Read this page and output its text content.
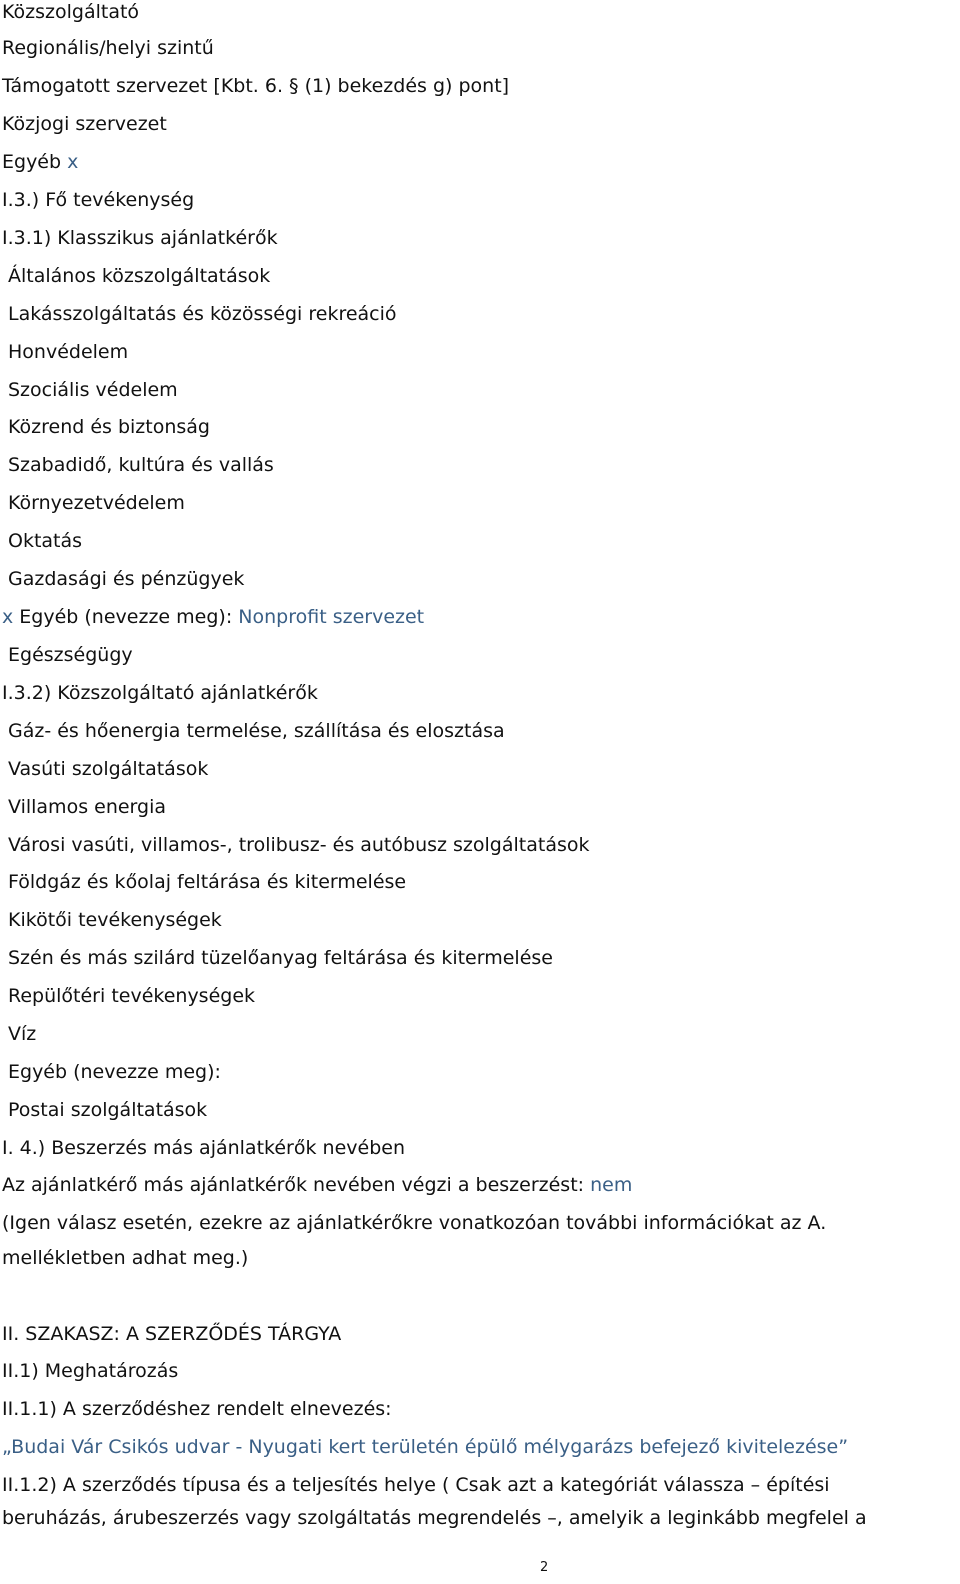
Közszolgáltató
Regionális/helyi szintű
Támogatott szervezet [Kbt. 6. § (1) bekezdés g) pont]
Közjogi szervezet
Egyéb x
I.3.) Fő tevékenység
I.3.1) Klasszikus ajánlatkérők
Általános közszolgáltatások
Lakásszolgáltatás és közösségi rekreáció
Honvédelem
Szociális védelem
Közrend és biztonság
Szabadidő, kultúra és vallás
Környezetvédelem
Oktatás
Gazdasági és pénzügyek
x Egyéb (nevezze meg): Nonprofit szervezet
Egészségügy
I.3.2) Közszolgáltató ajánlatkérők
Gáz- és hőenergia termelése, szállítása és elosztása
Vasúti szolgáltatások
Villamos energia
Városi vasúti, villamos-, trolibusz- és autóbusz szolgáltatások
Földgáz és kőolaj feltárása és kitermelése
Kikötői tevékenységek
Szén és más szilárd tüzelőanyag feltárása és kitermelése
Repülőtéri tevékenységek
Víz
Egyéb (nevezze meg):
Postai szolgáltatások
I. 4.) Beszerzés más ajánlatkérők nevében
Az ajánlatkérő más ajánlatkérők nevében végzi a beszerzést: nem
(Igen válasz esetén, ezekre az ajánlatkérőkre vonatkozóan további információkat az A.
mellékletben adhat meg.)
II. SZAKASZ: A SZERZŐDÉS TÁRGYA
II.1) Meghatározás
II.1.1) A szerződéshez rendelt elnevezés:
„Budai Vár Csikós udvar - Nyugati kert területén épülő mélygarázs befejező kivitelezése”
II.1.2) A szerződés típusa és a teljesítés helye ( Csak azt a kategóriát válassza – építési
beruházás, árubeszerzés vagy szolgáltatás megrendelés –, amelyik a leginkább megfelel a
2
